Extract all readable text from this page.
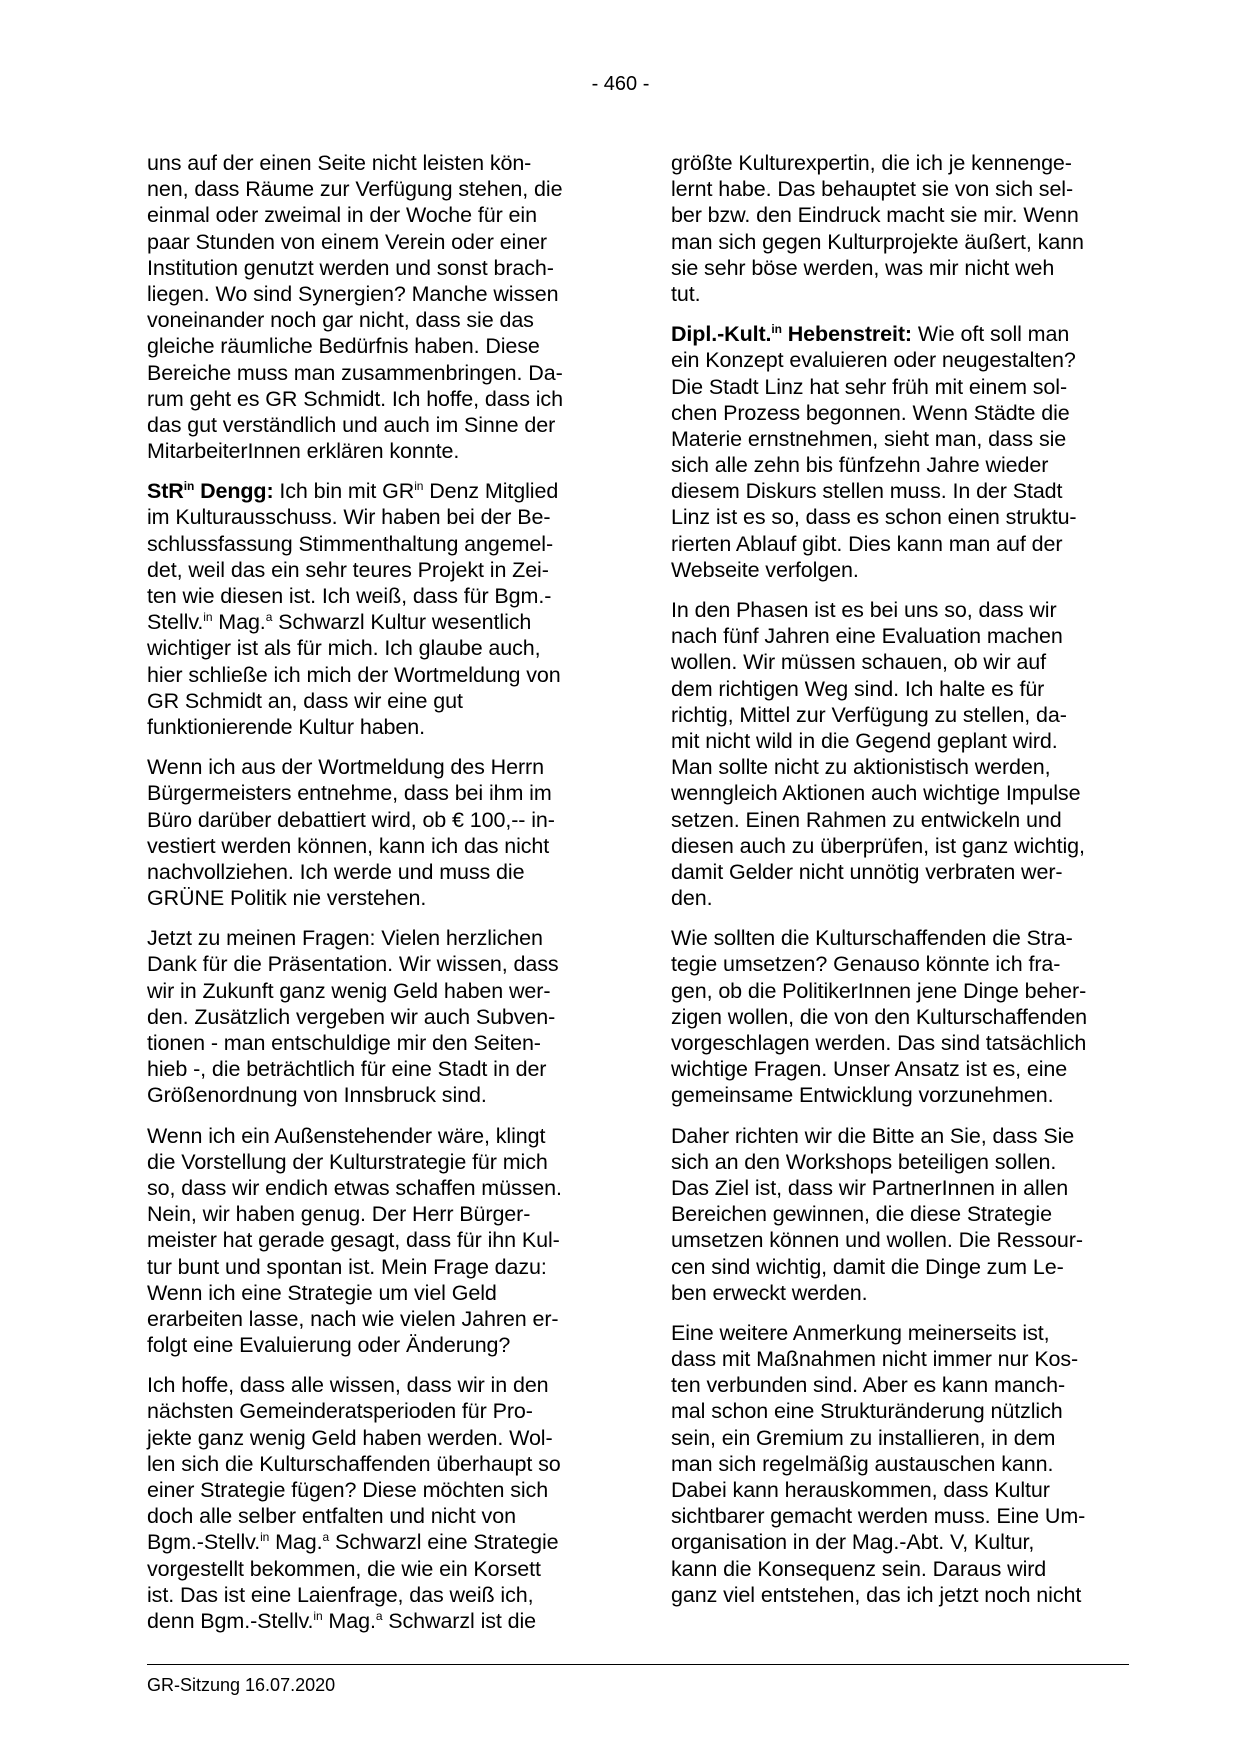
- 460 -
uns auf der einen Seite nicht leisten kön-
nen, dass Räume zur Verfügung stehen, die
einmal oder zweimal in der Woche für ein
paar Stunden von einem Verein oder einer
Institution genutzt werden und sonst brach-
liegen. Wo sind Synergien? Manche wissen
voneinander noch gar nicht, dass sie das
gleiche räumliche Bedürfnis haben. Diese
Bereiche muss man zusammenbringen. Da-
rum geht es GR Schmidt. Ich hoffe, dass ich
das gut verständlich und auch im Sinne der
MitarbeiterInnen erklären konnte.
StR$^{in}$ Dengg: Ich bin mit $GR^{in}$ Denz Mitglied
im Kulturausschuss. Wir haben bei der Be-
schlussfassung Stimmenthaltung angemel-
det, weil das ein sehr teures Projekt in Zei-
ten wie diesen ist. Ich weiß, dass für Bgm.-
Stellv.$^{in}$ Mag.$^a$ Schwarzl Kultur wesentlich
wichtiger ist als für mich. Ich glaube auch,
hier schließe ich mich der Wortmeldung von
GR Schmidt an, dass wir eine gut
funktionierende Kultur haben.
Wenn ich aus der Wortmeldung des Herrn
Bürgermeisters entnehme, dass bei ihm im
Büro darüber debattiert wird, ob € 100,-- in-
vestiert werden können, kann ich das nicht
nachvollziehen. Ich werde und muss die
GRÜNE Politik nie verstehen.
Jetzt zu meinen Fragen: Vielen herzlichen
Dank für die Präsentation. Wir wissen, dass
wir in Zukunft ganz wenig Geld haben wer-
den. Zusätzlich vergeben wir auch Subven-
tionen - man entschuldige mir den Seiten-
hieb -, die beträchtlich für eine Stadt in der
Größenordnung von Innsbruck sind.
Wenn ich ein Außenstehender wäre, klingt
die Vorstellung der Kulturstrategie für mich
so, dass wir endich etwas schaffen müssen.
Nein, wir haben genug. Der Herr Bürger-
meister hat gerade gesagt, dass für ihn Kul-
tur bunt und spontan ist. Mein Frage dazu:
Wenn ich eine Strategie um viel Geld
erarbeiten lasse, nach wie vielen Jahren er-
folgt eine Evaluierung oder Änderung?
Ich hoffe, dass alle wissen, dass wir in den
nächsten Gemeinderatsperioden für Pro-
jekte ganz wenig Geld haben werden. Wol-
len sich die Kulturschaffenden überhaupt so
einer Strategie fügen? Diese möchten sich
doch alle selber entfalten und nicht von
Bgm.-Stellv.$^{in}$ Mag.$^a$ Schwarzl eine Strategie
vorgestellt bekommen, die wie ein Korsett
ist. Das ist eine Laienfrage, das weiß ich,
denn Bgm.-Stellv.$^{in}$ Mag.$^a$ Schwarzl ist die
größte Kulturexpertin, die ich je kennenge-
lernt habe. Das behauptet sie von sich sel-
ber bzw. den Eindruck macht sie mir. Wenn
man sich gegen Kulturprojekte äußert, kann
sie sehr böse werden, was mir nicht weh
tut.
Dipl.-Kult.$^{in}$ Hebenstreit: Wie oft soll man
ein Konzept evaluieren oder neugestalten?
Die Stadt Linz hat sehr früh mit einem sol-
chen Prozess begonnen. Wenn Städte die
Materie ernstnehmen, sieht man, dass sie
sich alle zehn bis fünfzehn Jahre wieder
diesem Diskurs stellen muss. In der Stadt
Linz ist es so, dass es schon einen struktu-
rierten Ablauf gibt. Dies kann man auf der
Webseite verfolgen.
In den Phasen ist es bei uns so, dass wir
nach fünf Jahren eine Evaluation machen
wollen. Wir müssen schauen, ob wir auf
dem richtigen Weg sind. Ich halte es für
richtig, Mittel zur Verfügung zu stellen, da-
mit nicht wild in die Gegend geplant wird.
Man sollte nicht zu aktionistisch werden,
wenngleich Aktionen auch wichtige Impulse
setzen. Einen Rahmen zu entwickeln und
diesen auch zu überprüfen, ist ganz wichtig,
damit Gelder nicht unnötig verbraten wer-
den.
Wie sollten die Kulturschaffenden die Stra-
tegie umsetzen? Genauso könnte ich fra-
gen, ob die PolitikerInnen jene Dinge beher-
zigen wollen, die von den Kulturschaffenden
vorgeschlagen werden. Das sind tatsächlich
wichtige Fragen. Unser Ansatz ist es, eine
gemeinsame Entwicklung vorzunehmen.
Daher richten wir die Bitte an Sie, dass Sie
sich an den Workshops beteiligen sollen.
Das Ziel ist, dass wir PartnerInnen in allen
Bereichen gewinnen, die diese Strategie
umsetzen können und wollen. Die Ressour-
cen sind wichtig, damit die Dinge zum Le-
ben erweckt werden.
Eine weitere Anmerkung meinerseits ist,
dass mit Maßnahmen nicht immer nur Kos-
ten verbunden sind. Aber es kann manch-
mal schon eine Strukturänderung nützlich
sein, ein Gremium zu installieren, in dem
man sich regelmäßig austauschen kann.
Dabei kann herauskommen, dass Kultur
sichtbarer gemacht werden muss. Eine Um-
organisation in der Mag.-Abt. V, Kultur,
kann die Konsequenz sein. Daraus wird
ganz viel entstehen, das ich jetzt noch nicht
GR-Sitzung 16.07.2020
